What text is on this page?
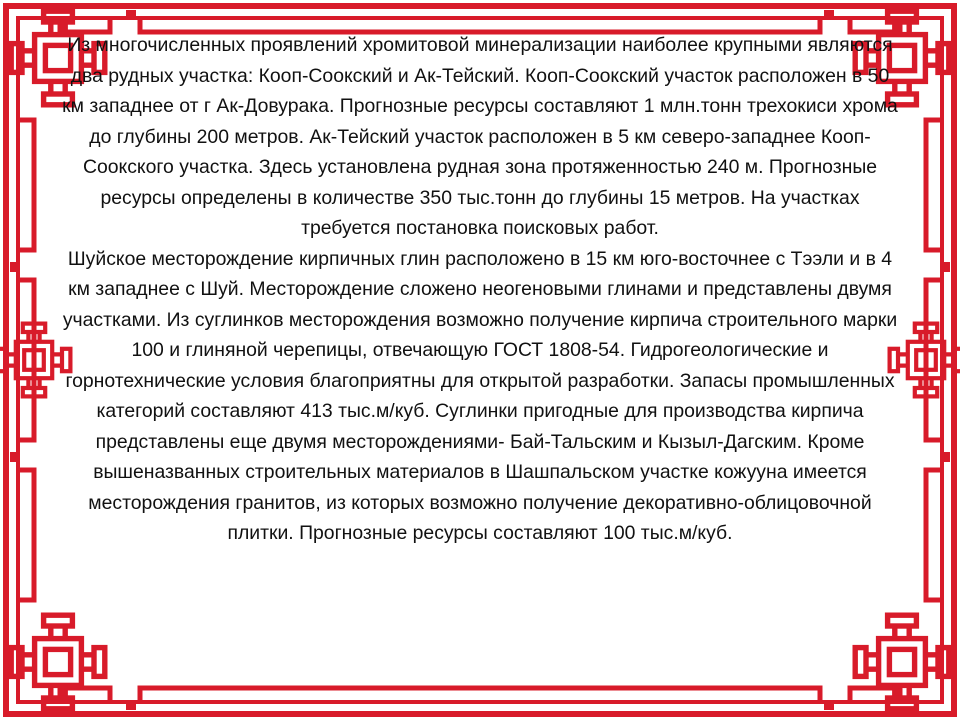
Из многочисленных проявлений хромитовой минерализации наиболее крупными являются два рудных участка: Кооп-Соокский и Ак-Тейский. Кооп-Соокский участок расположен в 50 км западнее от г Ак-Довурака. Прогнозные ресурсы составляют 1 млн.тонн трехокиси хрома до глубины 200 метров. Ак-Тейский участок расположен в 5 км северо-западнее Кооп-Соокского участка. Здесь установлена рудная зона протяженностью 240 м. Прогнозные ресурсы определены в количестве 350 тыс.тонн до глубины 15 метров. На участках требуется постановка поисковых работ.

Шуйское месторождение кирпичных глин расположено в 15 км юго-восточнее с Тээли и в 4 км западнее с Шуй. Месторождение сложено неогеновыми глинами и представлены двумя участками. Из суглинков месторождения возможно получение кирпича строительного марки 100 и глиняной черепицы, отвечающую ГОСТ 1808-54. Гидрогеологические и горнотехнические условия благоприятны для открытой разработки. Запасы промышленных категорий составляют 413 тыс.м/куб. Суглинки пригодные для производства кирпича представлены еще двумя месторождениями- Бай-Тальским и Кызыл-Дагским. Кроме вышеназванных строительных материалов в Шашпальском участке кожууна имеется месторождения гранитов, из которых возможно получение декоративно-облицовочной плитки. Прогнозные ресурсы составляют 100 тыс.м/куб.
